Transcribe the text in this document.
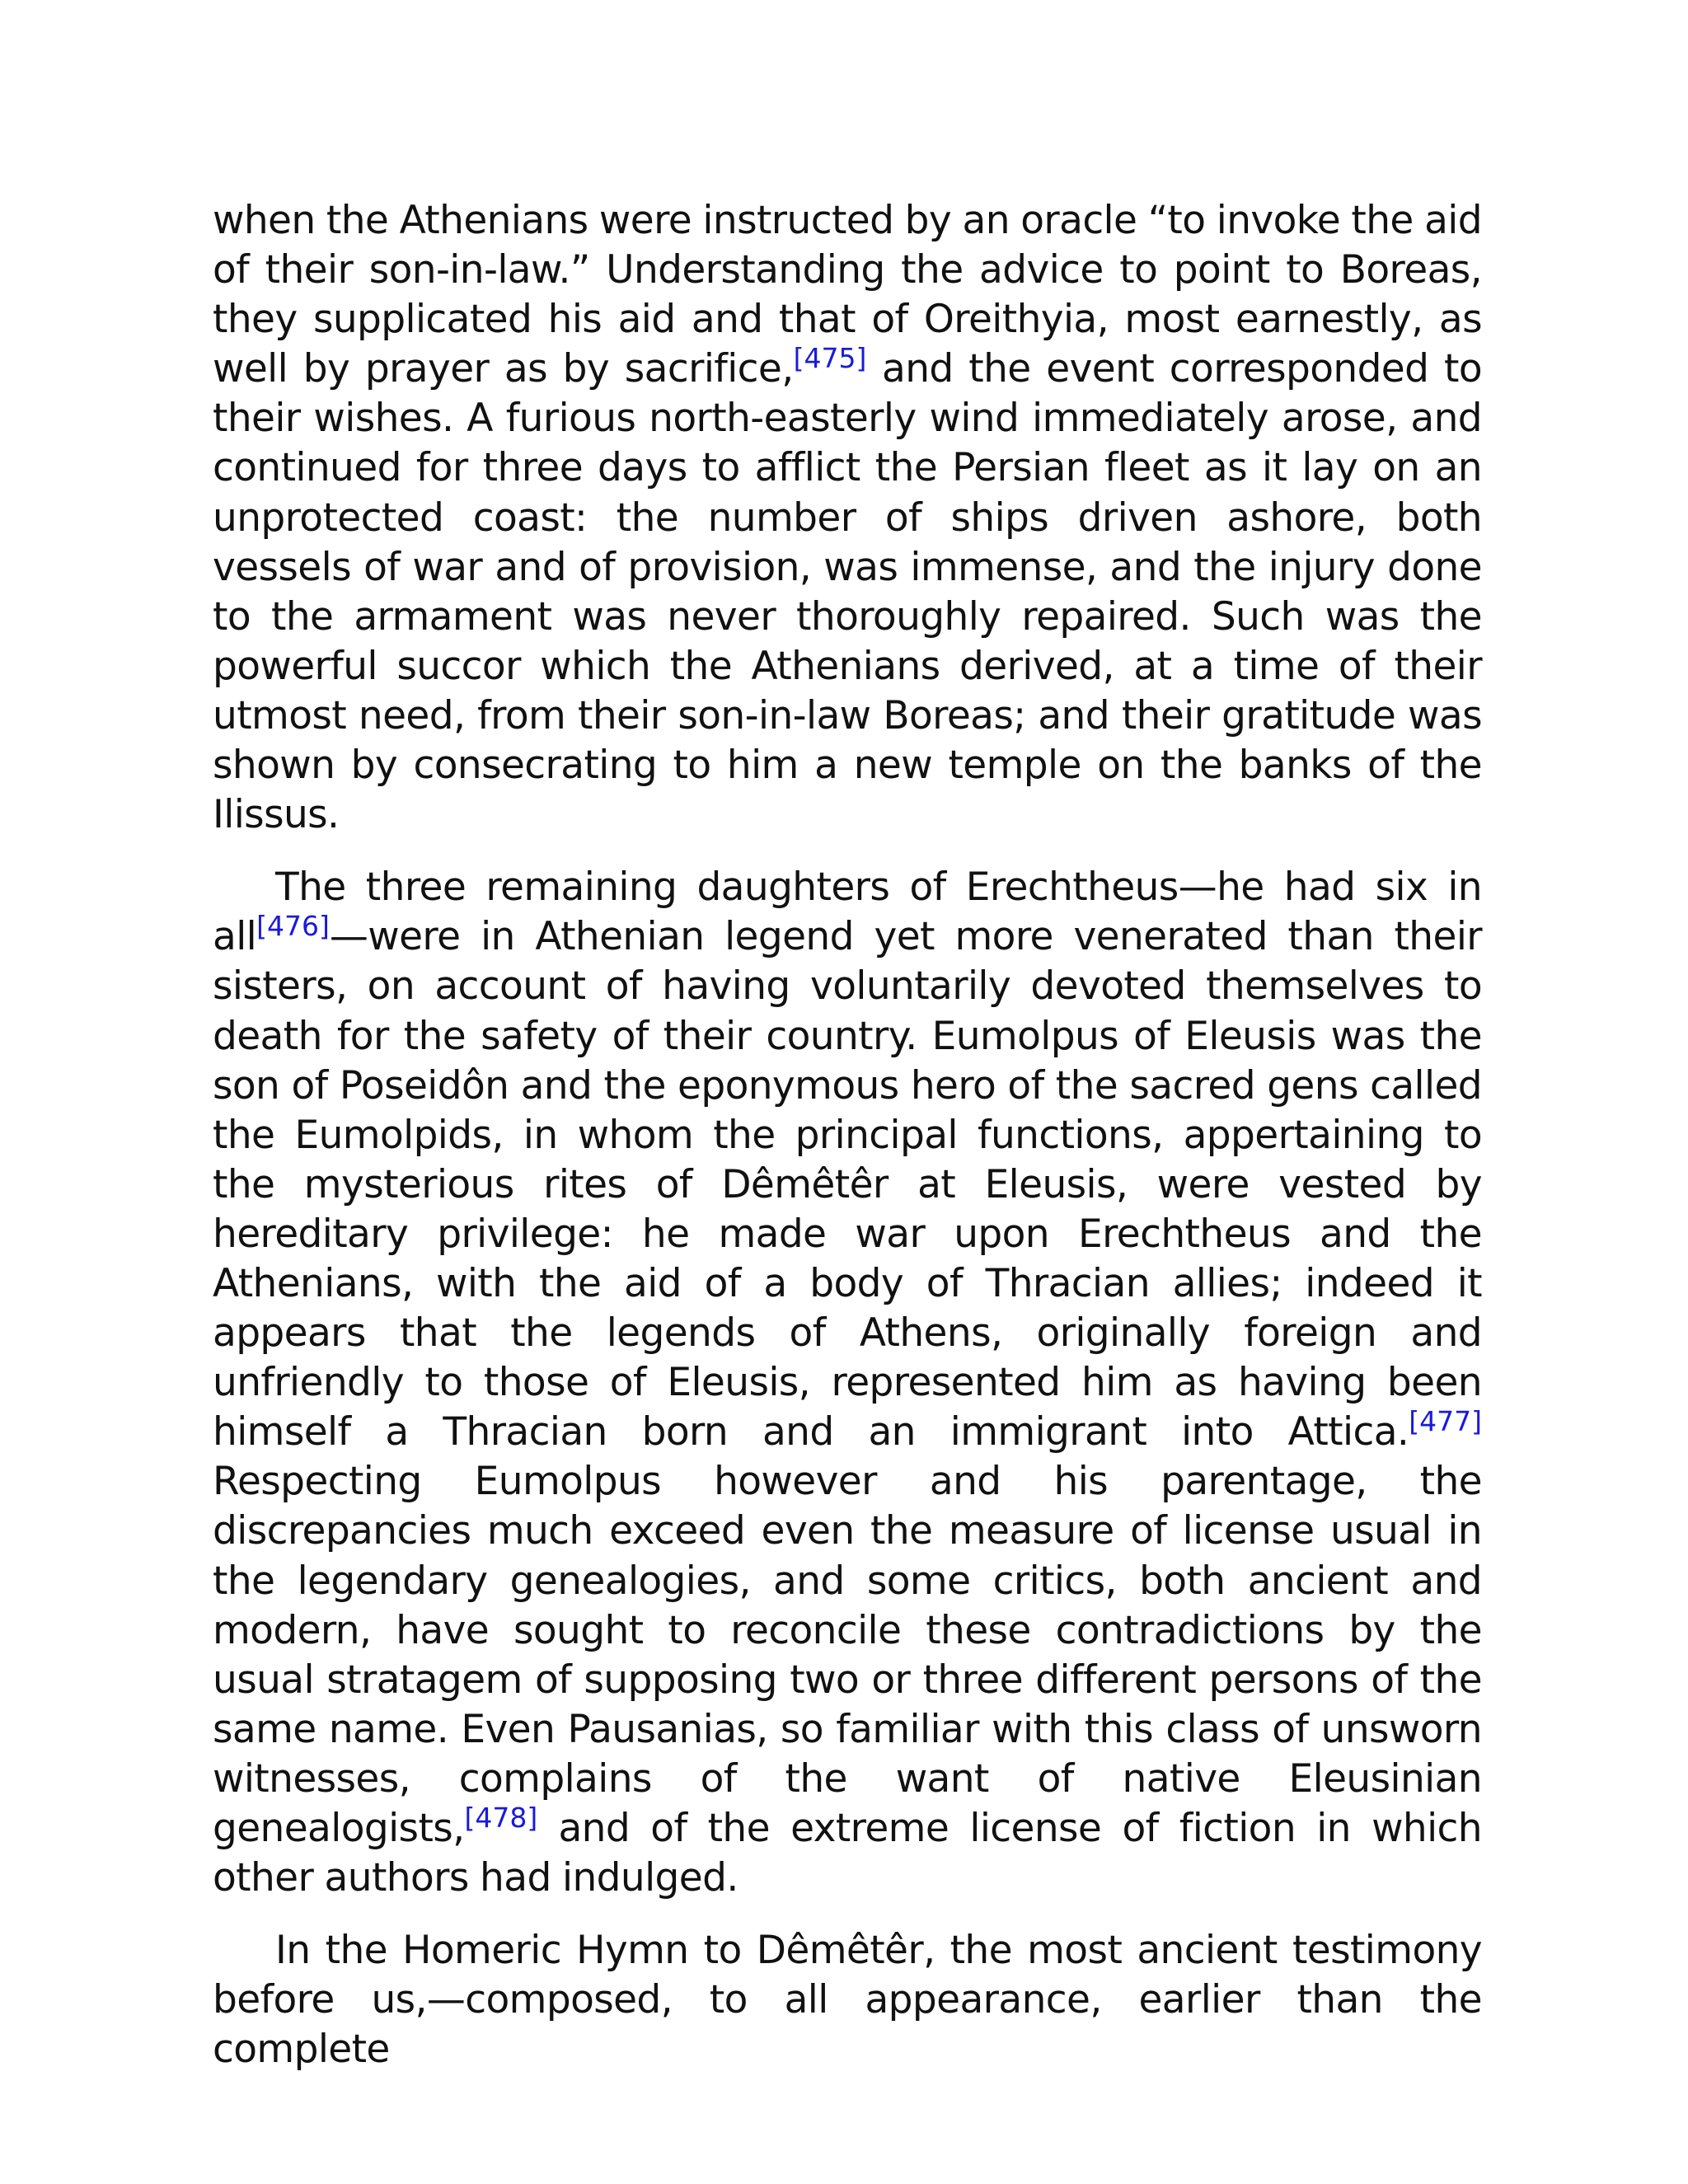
when the Athenians were instructed by an oracle “to invoke the aid of their son-in-law.” Understanding the advice to point to Boreas, they supplicated his aid and that of Oreithyia, most earnestly, as well by prayer as by sacrifice,[475] and the event corresponded to their wishes. A furious north-easterly wind immediately arose, and continued for three days to afflict the Persian fleet as it lay on an unprotected coast: the number of ships driven ashore, both vessels of war and of provision, was immense, and the injury done to the armament was never thoroughly repaired. Such was the powerful succor which the Athenians derived, at a time of their utmost need, from their son-in-law Boreas; and their gratitude was shown by consecrating to him a new temple on the banks of the Ilissus.

The three remaining daughters of Erechtheus—he had six in all[476]—were in Athenian legend yet more venerated than their sisters, on account of having voluntarily devoted themselves to death for the safety of their country. Eumolpus of Eleusis was the son of Poseidôn and the eponymous hero of the sacred gens called the Eumolpids, in whom the principal functions, appertaining to the mysterious rites of Dêmêtêr at Eleusis, were vested by hereditary privilege: he made war upon Erechtheus and the Athenians, with the aid of a body of Thracian allies; indeed it appears that the legends of Athens, originally foreign and unfriendly to those of Eleusis, represented him as having been himself a Thracian born and an immigrant into Attica.[477] Respecting Eumolpus however and his parentage, the discrepancies much exceed even the measure of license usual in the legendary genealogies, and some critics, both ancient and modern, have sought to reconcile these contradictions by the usual stratagem of supposing two or three different persons of the same name. Even Pausanias, so familiar with this class of unsworn witnesses, complains of the want of native Eleusinian genealogists,[478] and of the extreme license of fiction in which other authors had indulged.

In the Homeric Hymn to Dêmêtêr, the most ancient testimony before us,—composed, to all appearance, earlier than the complete
